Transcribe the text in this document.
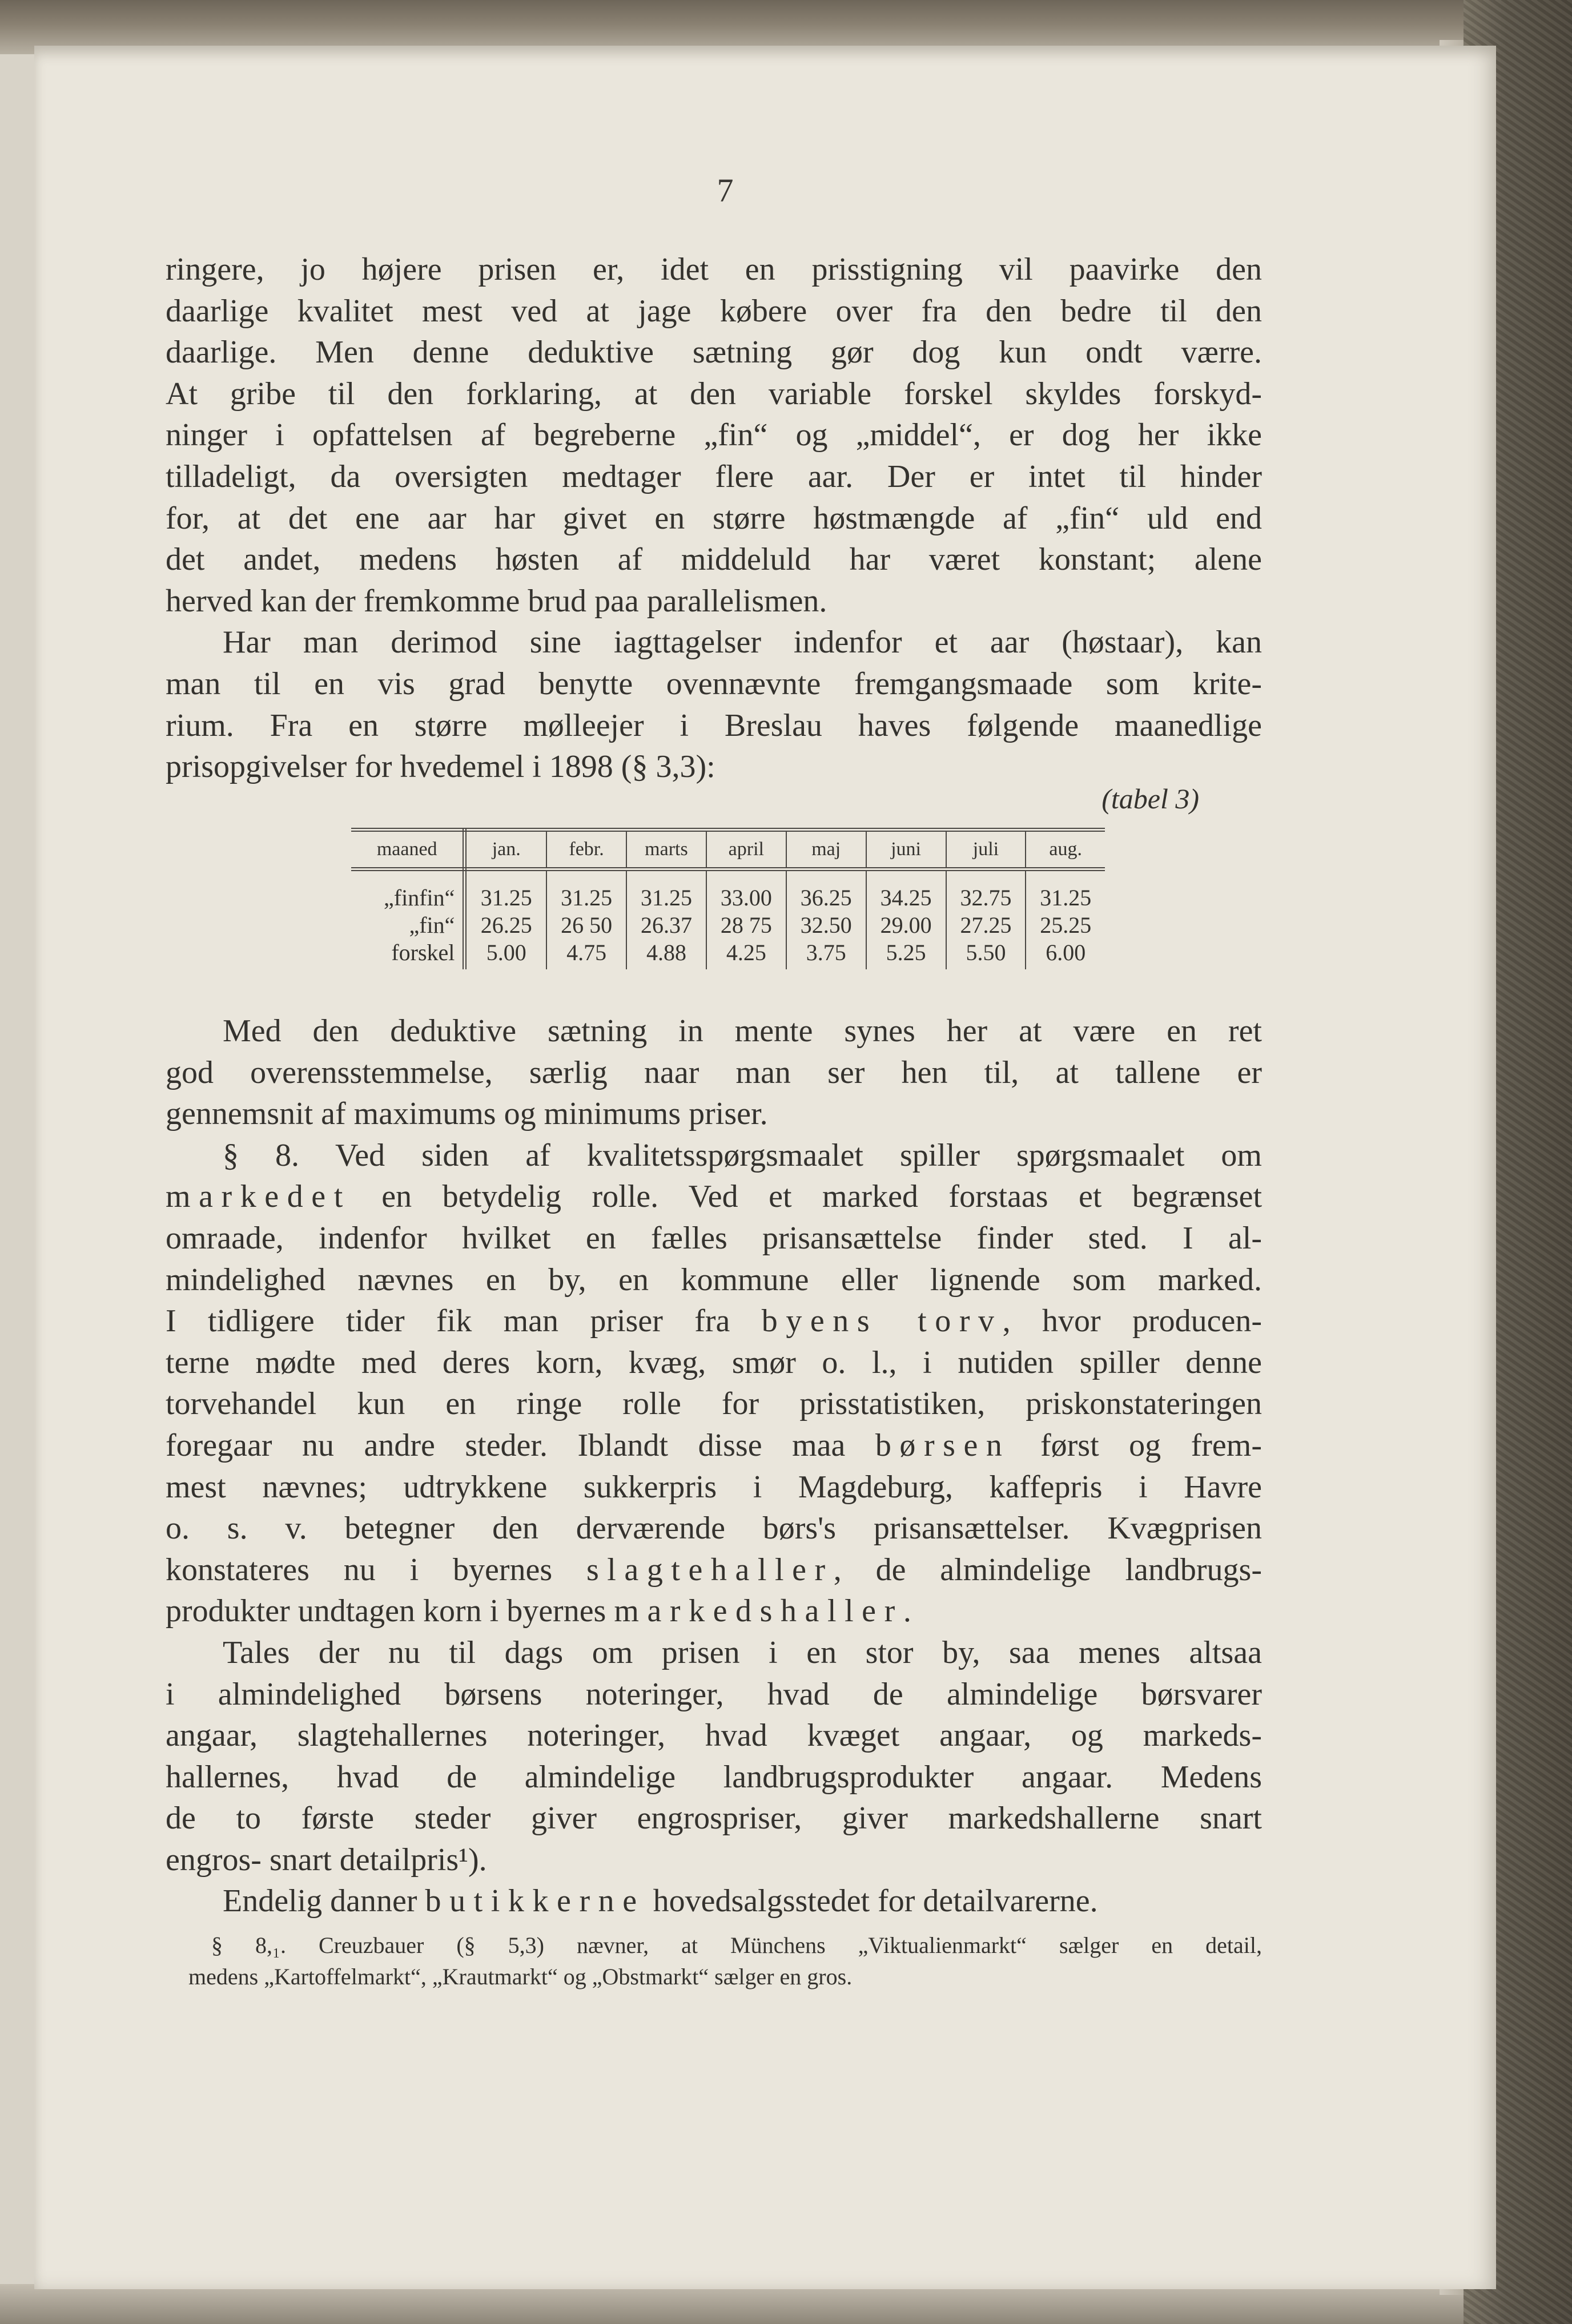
7
ringere, jo højere prisen er, idet en prisstigning vil paavirke den
daarlige kvalitet mest ved at jage købere over fra den bedre til den
daarlige. Men denne deduktive sætning gør dog kun ondt værre.
At gribe til den forklaring, at den variable forskel skyldes forskyd-
ninger i opfattelsen af begreberne „fin“ og „middel“, er dog her ikke
tilladeligt, da oversigten medtager flere aar. Der er intet til hinder
for, at det ene aar har givet en større høstmængde af „fin“ uld end
det andet, medens høsten af middeluld har været konstant; alene
herved kan der fremkomme brud paa parallelismen.
Har man derimod sine iagttagelser indenfor et aar (høstaar), kan
man til en vis grad benytte ovennævnte fremgangsmaade som krite-
rium. Fra en større mølleejer i Breslau haves følgende maanedlige
prisopgivelser for hvedemel i 1898 (§ 3,3):
(tabel 3)
maaned	jan.	febr.	marts	april	maj	juni	juli	aug.
„finfin“	31.25	31.25	31.25	33.00	36.25	34.25	32.75	31.25
„fin“	26.25	26 50	26.37	28 75	32.50	29.00	27.25	25.25
forskel	5.00	4.75	4.88	4.25	3.75	5.25	5.50	6.00
Med den deduktive sætning in mente synes her at være en ret
god overensstemmelse, særlig naar man ser hen til, at tallene er
gennemsnit af maximums og minimums priser.
§ 8. Ved siden af kvalitetsspørgsmaalet spiller spørgsmaalet om
markedet en betydelig rolle. Ved et marked forstaas et begrænset
omraade, indenfor hvilket en fælles prisansættelse finder sted. I al-
mindelighed nævnes en by, en kommune eller lignende som marked.
I tidligere tider fik man priser fra byens torv, hvor producen-
terne mødte med deres korn, kvæg, smør o. l., i nutiden spiller denne
torvehandel kun en ringe rolle for prisstatistiken, priskonstateringen
foregaar nu andre steder. Iblandt disse maa børsen først og frem-
mest nævnes; udtrykkene sukkerpris i Magdeburg, kaffepris i Havre
o. s. v. betegner den derværende børs's prisansættelser. Kvægprisen
konstateres nu i byernes slagtehaller, de almindelige landbrugs-
produkter undtagen korn i byernes markedshaller.
Tales der nu til dags om prisen i en stor by, saa menes altsaa
i almindelighed børsens noteringer, hvad de almindelige børsvarer
angaar, slagtehallernes noteringer, hvad kvæget angaar, og markeds-
hallernes, hvad de almindelige landbrugsprodukter angaar. Medens
de to første steder giver engrospriser, giver markedshallerne snart
engros- snart detailpris¹).
Endelig danner butikkerne hovedsalgsstedet for detailvarerne.
§ 8,₁. Creuzbauer (§ 5,3) nævner, at Münchens „Viktualienmarkt“ sælger en detail,
medens „Kartoffelmarkt“, „Krautmarkt“ og „Obstmarkt“ sælger en gros.
